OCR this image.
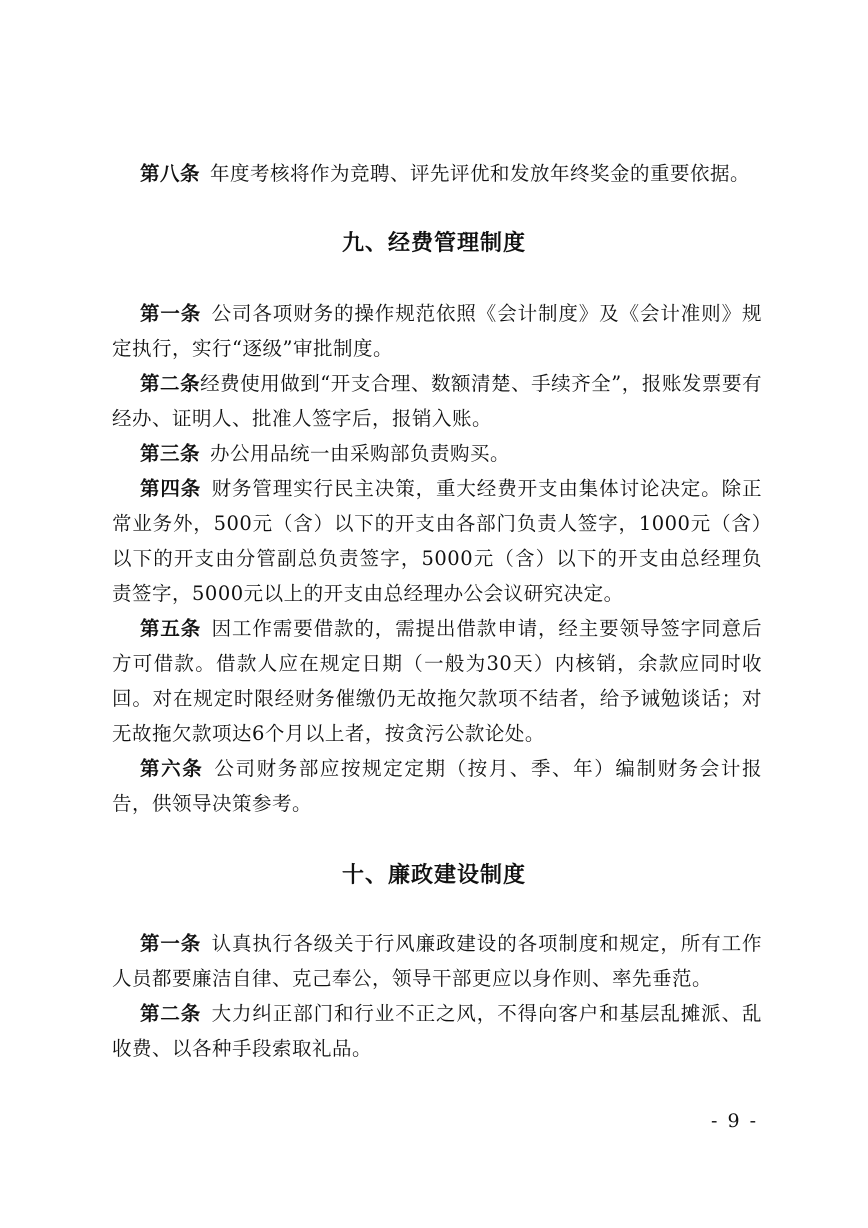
第八条 年度考核将作为竞聘、评先评优和发放年终奖金的重要依据。
九、经费管理制度
第一条 公司各项财务的操作规范依照《会计制度》及《会计准则》规定执行，实行“逐级”审批制度。
第二条经费使用做到“开支合理、数额清楚、手续齐全”，报账发票要有经办、证明人、批准人签字后，报销入账。
第三条 办公用品统一由采购部负责购买。
第四条 财务管理实行民主决策，重大经费开支由集体讨论决定。除正常业务外，500元（含）以下的开支由各部门负责人签字，1000元（含）以下的开支由分管副总负责签字，5000元（含）以下的开支由总经理负责签字，5000元以上的开支由总经理办公会议研究决定。
第五条 因工作需要借款的，需提出借款申请，经主要领导签字同意后方可借款。借款人应在规定日期（一般为30天）内核销，余款应同时收回。对在规定时限经财务催缴仍无故拖欠款项不结者，给予诫勉谈话；对无故拖欠款项达6个月以上者，按贪污公款论处。
第六条 公司财务部应按规定定期（按月、季、年）编制财务会计报告，供领导决策参考。
十、廉政建设制度
第一条 认真执行各级关于行风廉政建设的各项制度和规定，所有工作人员都要廉洁自律、克己奉公，领导干部更应以身作则、率先垂范。
第二条 大力纠正部门和行业不正之风，不得向客户和基层乱摊派、乱收费、以各种手段索取礼品。
- 9 -
